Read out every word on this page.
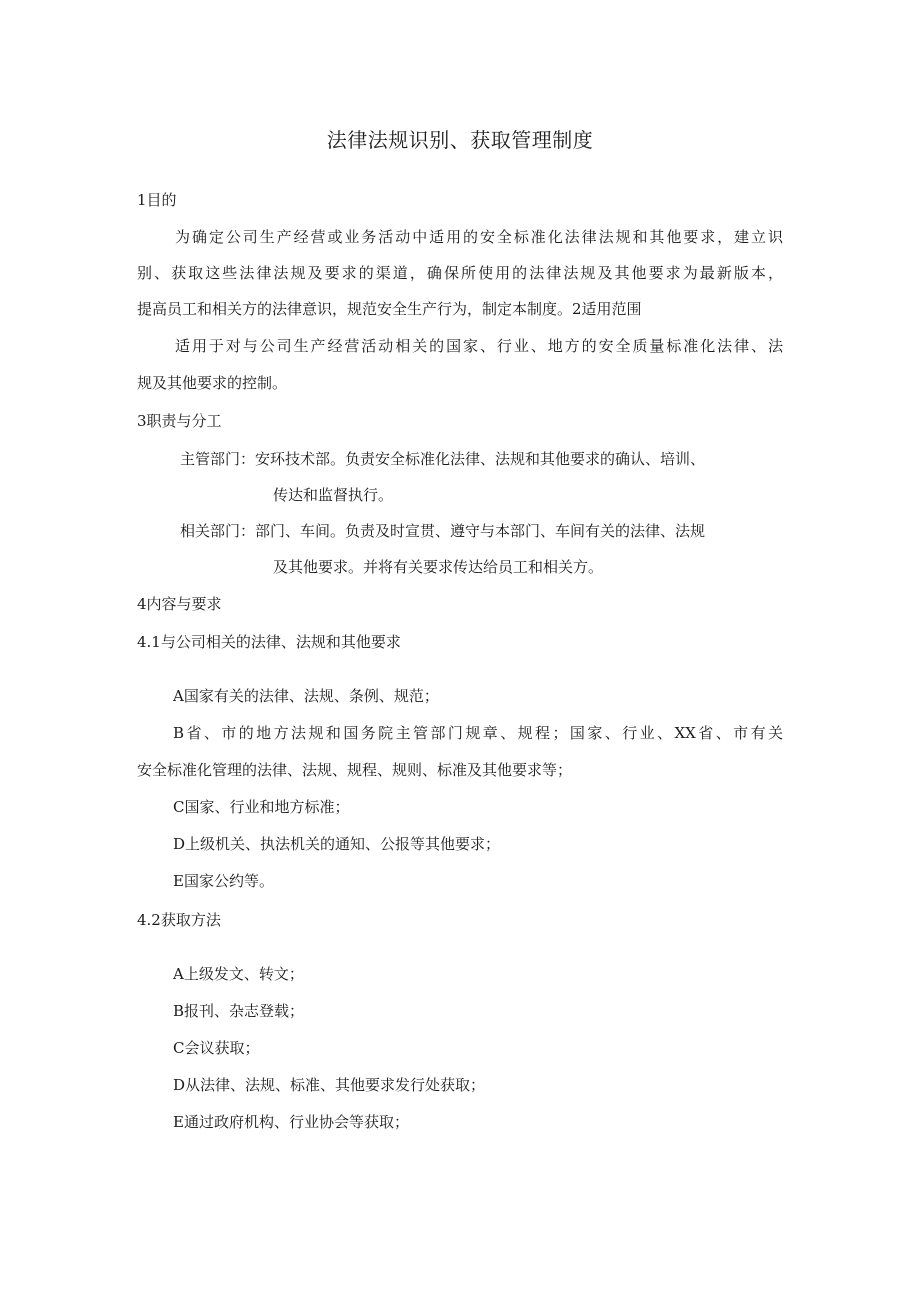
法律法规识别、获取管理制度
1目的
为确定公司生产经营或业务活动中适用的安全标准化法律法规和其他要求，建立识
别、获取这些法律法规及要求的渠道，确保所使用的法律法规及其他要求为最新版本，
提高员工和相关方的法律意识，规范安全生产行为，制定本制度。2适用范围
适用于对与公司生产经营活动相关的国家、行业、地方的安全质量标准化法律、法
规及其他要求的控制。
3职责与分工
主管部门：安环技术部。负责安全标准化法律、法规和其他要求的确认、培训、
传达和监督执行。
相关部门：部门、车间。负责及时宣贯、遵守与本部门、车间有关的法律、法规
及其他要求。并将有关要求传达给员工和相关方。
4内容与要求
4.1与公司相关的法律、法规和其他要求
A国家有关的法律、法规、条例、规范；
B省、市的地方法规和国务院主管部门规章、规程；国家、行业、XX省、市有关
安全标准化管理的法律、法规、规程、规则、标准及其他要求等；
C国家、行业和地方标准；
D上级机关、执法机关的通知、公报等其他要求；
E国家公约等。
4.2获取方法
A上级发文、转文；
B报刊、杂志登载；
C会议获取；
D从法律、法规、标准、其他要求发行处获取；
E通过政府机构、行业协会等获取；
